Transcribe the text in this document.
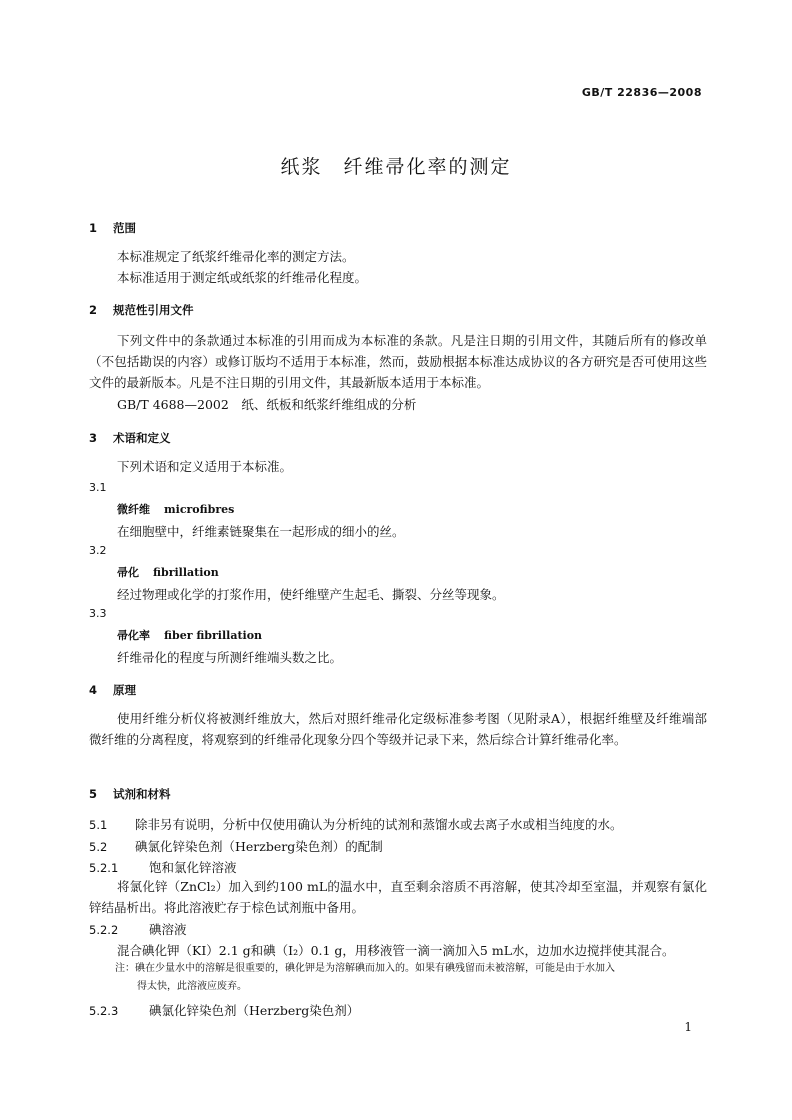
GB/T 22836—2008
纸浆　纤维帚化率的测定
1 范围
本标准规定了纸浆纤维帚化率的测定方法。
本标准适用于测定纸或纸浆的纤维帚化程度。
2 规范性引用文件
下列文件中的条款通过本标准的引用而成为本标准的条款。凡是注日期的引用文件，其随后所有的修改单（不包括勘误的内容）或修订版均不适用于本标准，然而，鼓励根据本标准达成协议的各方研究是否可使用这些文件的最新版本。凡是不注日期的引用文件，其最新版本适用于本标准。
GB/T 4688—2002　纸、纸板和纸浆纤维组成的分析
3 术语和定义
下列术语和定义适用于本标准。
3.1
微纤维 microfibres
在细胞壁中，纤维素链聚集在一起形成的细小的丝。
3.2
帚化 fibrillation
经过物理或化学的打浆作用，使纤维壁产生起毛、撕裂、分丝等现象。
3.3
帚化率 fiber fibrillation
纤维帚化的程度与所测纤维端头数之比。
4 原理
使用纤维分析仪将被测纤维放大，然后对照纤维帚化定级标准参考图（见附录A），根据纤维壁及纤维端部微纤维的分离程度，将观察到的纤维帚化现象分四个等级并记录下来，然后综合计算纤维帚化率。
5 试剂和材料
5.1 除非另有说明，分析中仅使用确认为分析纯的试剂和蒸馏水或去离子水或相当纯度的水。
5.2 碘氯化锌染色剂（Herzberg染色剂）的配制
5.2.1 饱和氯化锌溶液
将氯化锌（ZnCl₂）加入到约100 mL的温水中，直至剩余溶质不再溶解，使其冷却至室温，并观察有氯化锌结晶析出。将此溶液贮存于棕色试剂瓶中备用。
5.2.2 碘溶液
混合碘化钾（KI）2.1 g和碘（I₂）0.1 g，用移液管一滴一滴加入5 mL水，边加水边搅拌使其混合。
注：碘在少量水中的溶解是很重要的，碘化钾是为溶解碘而加入的。如果有碘残留而未被溶解，可能是由于水加入
得太快，此溶液应废弃。
5.2.3 碘氯化锌染色剂（Herzberg染色剂）
1
